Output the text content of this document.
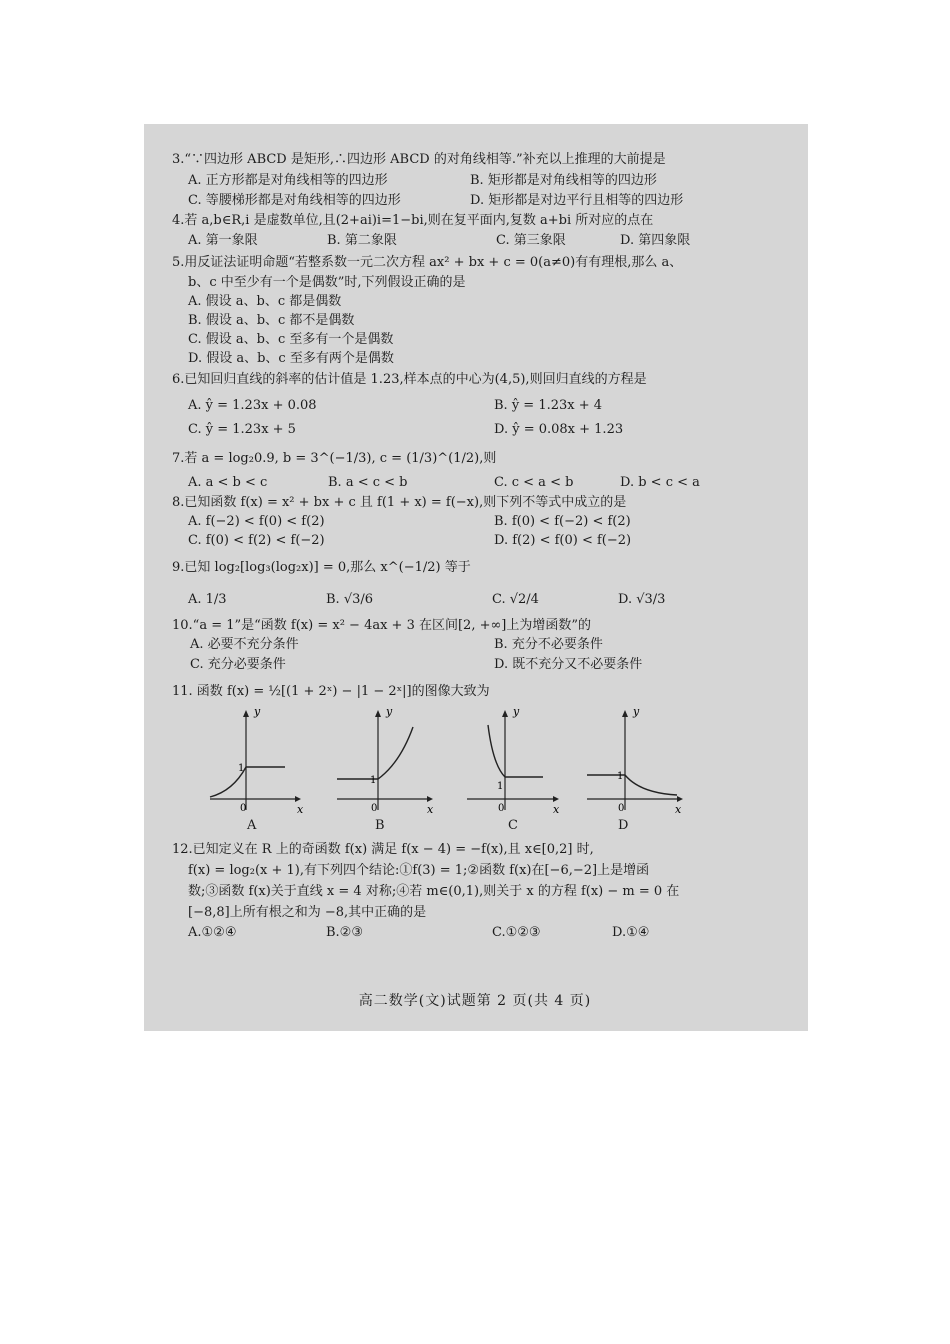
3.“∵四边形 ABCD 是矩形,∴四边形 ABCD 的对角线相等.”补充以上推理的大前提是
A. 正方形都是对角线相等的四边形	B. 矩形都是对角线相等的四边形
C. 等腰梯形都是对角线相等的四边形	D. 矩形都是对边平行且相等的四边形
4.若 a,b∈R,i 是虚数单位,且(2+ai)i=1−bi,则在复平面内,复数 a+bi 所对应的点在
A. 第一象限	B. 第二象限	C. 第三象限	D. 第四象限
5.用反证法证明命题“若整系数一元二次方程 ax² + bx + c = 0(a≠0)有有理根,那么 a、
b、c 中至少有一个是偶数”时,下列假设正确的是
A. 假设 a、b、c 都是偶数
B. 假设 a、b、c 都不是偶数
C. 假设 a、b、c 至多有一个是偶数
D. 假设 a、b、c 至多有两个是偶数
6.已知回归直线的斜率的估计值是 1.23,样本点的中心为(4,5),则回归直线的方程是
A. ŷ = 1.23x + 0.08	B. ŷ = 1.23x + 4
C. ŷ = 1.23x + 5	D. ŷ = 0.08x + 1.23
7.若 a = log₂0.9, b = 3^(−1/3), c = (1/3)^(1/2),则
A. a < b < c	B. a < c < b	C. c < a < b	D. b < c < a
8.已知函数 f(x) = x² + bx + c 且 f(1 + x) = f(−x),则下列不等式中成立的是
A. f(−2) < f(0) < f(2)	B. f(0) < f(−2) < f(2)
C. f(0) < f(2) < f(−2)	D. f(2) < f(0) < f(−2)
9.已知 log₂[log₃(log₂x)] = 0,那么 x^(−1/2) 等于
A. 1/3	B. √3/6	C. √2/4	D. √3/3
10.“a = 1”是“函数 f(x) = x² − 4ax + 3 在区间[2, +∞]上为增函数”的
A. 必要不充分条件	B. 充分不必要条件
C. 充分必要条件	D. 既不充分又不必要条件
11. 函数 f(x) = ½[(1 + 2ˣ) − |1 − 2ˣ|]的图像大致为
y
x
1
0
A
y
x
1
0
B
y
x
1
0
C
y
x
1
0
D
12.已知定义在 R 上的奇函数 f(x) 满足 f(x − 4) = −f(x),且 x∈[0,2] 时,
f(x) = log₂(x + 1),有下列四个结论:①f(3) = 1;②函数 f(x)在[−6,−2]上是增函
数;③函数 f(x)关于直线 x = 4 对称;④若 m∈(0,1),则关于 x 的方程 f(x) − m = 0 在
[−8,8]上所有根之和为 −8,其中正确的是
A.①②④	B.②③	C.①②③	D.①④
高二数学(文)试题第 2 页(共 4 页)
